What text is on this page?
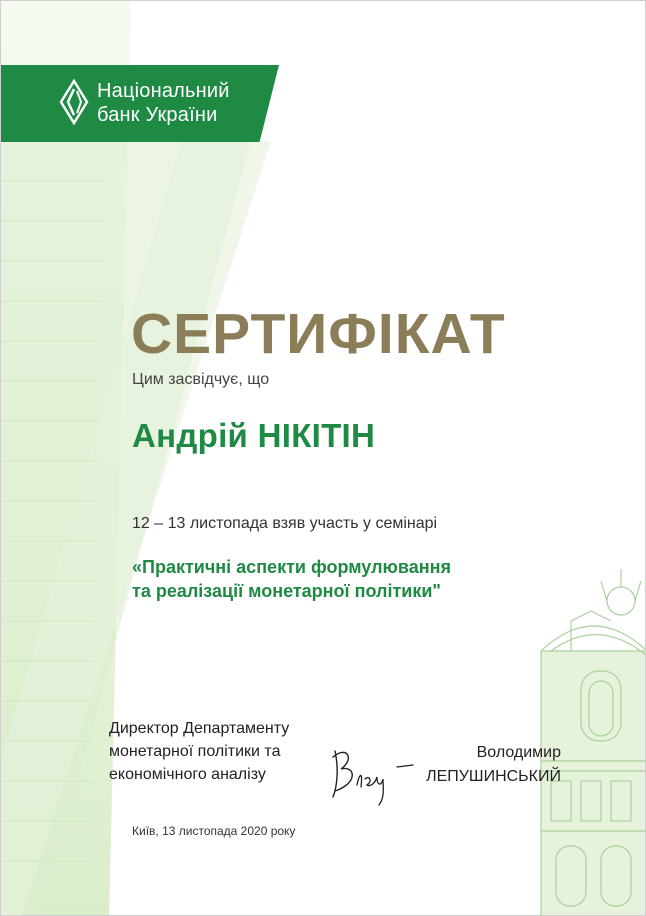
Національний
банк України
СЕРТИФІКАТ
Цим засвідчує, що
Андрій НІКІТІН
12 – 13 листопада взяв участь у семінарі
«Практичні аспекти формулювання
та реалізації монетарної політики"
Директор Департаменту
монетарної політики та
економічного аналізу
Володимир
ЛЕПУШИНСЬКИЙ
Київ, 13 листопада 2020 року
